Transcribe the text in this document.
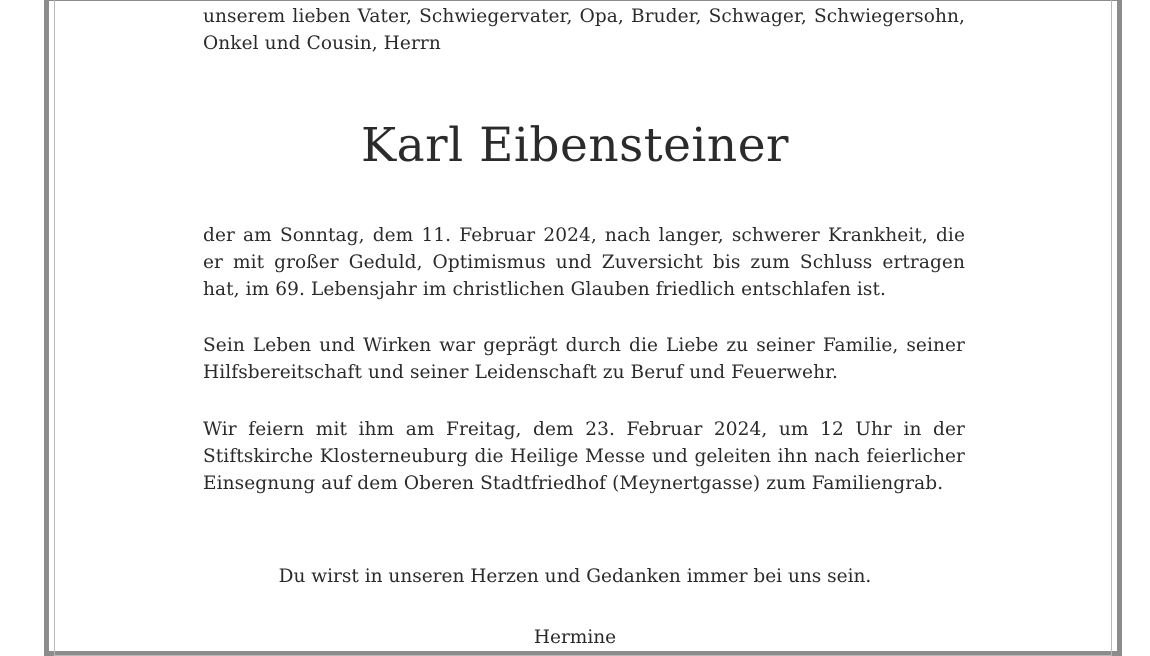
unserem lieben Vater, Schwiegervater, Opa, Bruder, Schwager, Schwiegersohn, Onkel und Cousin, Herrn

Karl Eibensteiner

der am Sonntag, dem 11. Februar 2024, nach langer, schwerer Krankheit, die er mit großer Geduld, Optimismus und Zuversicht bis zum Schluss ertragen hat, im 69. Lebensjahr im christlichen Glauben friedlich entschlafen ist.

Sein Leben und Wirken war geprägt durch die Liebe zu seiner Familie, seiner Hilfsbereitschaft und seiner Leidenschaft zu Beruf und Feuerwehr.

Wir feiern mit ihm am Freitag, dem 23. Februar 2024, um 12 Uhr in der Stiftskirche Klosterneuburg die Heilige Messe und geleiten ihn nach feierlicher Einsegnung auf dem Oberen Stadtfriedhof (Meynertgasse) zum Familiengrab.

Du wirst in unseren Herzen und Gedanken immer bei uns sein.

Hermine
